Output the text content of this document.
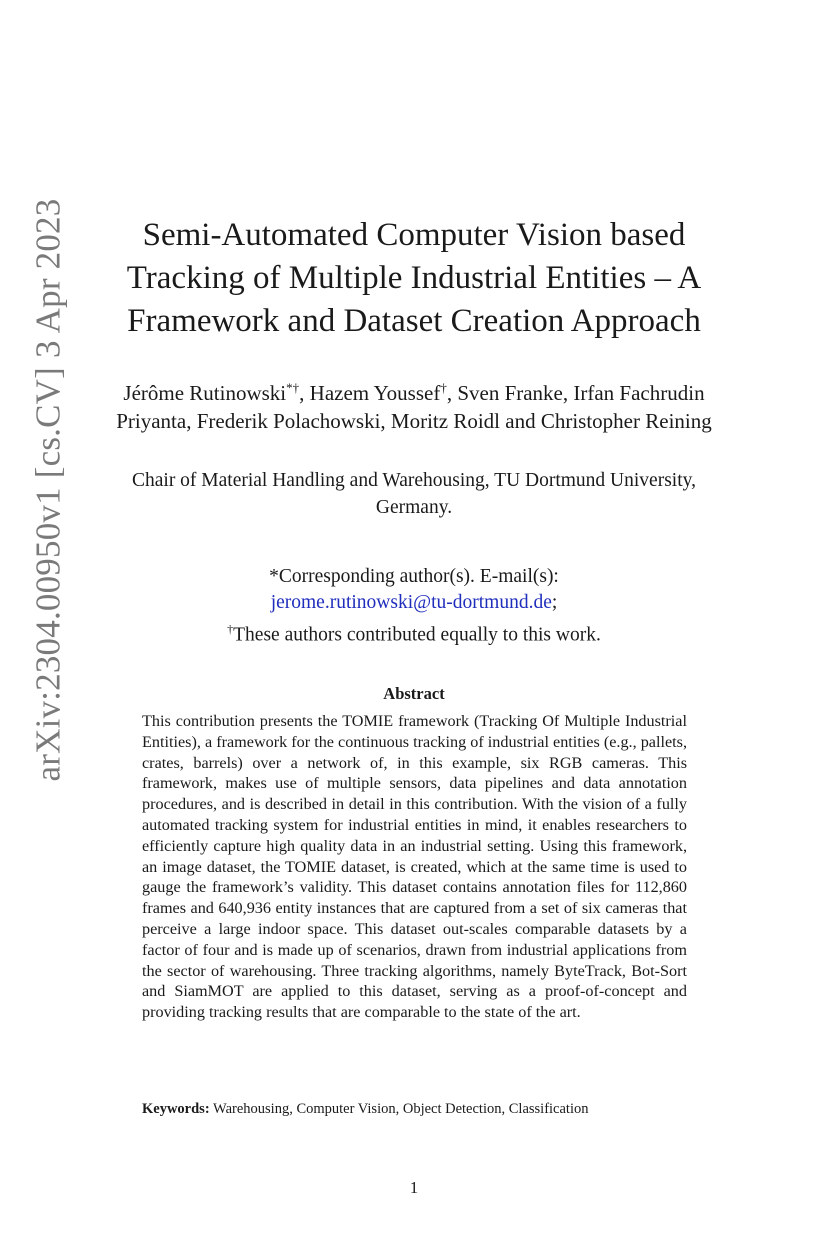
arXiv:2304.00950v1 [cs.CV] 3 Apr 2023	Semi-Automated Computer Vision based Tracking of Multiple Industrial Entities – A Framework and Dataset Creation Approach

Jérôme Rutinowski*†, Hazem Youssef†, Sven Franke, Irfan Fachrudin Priyanta, Frederik Polachowski, Moritz Roidl and Christopher Reining

Chair of Material Handling and Warehousing, TU Dortmund University, Germany.

*Corresponding author(s). E-mail(s):
jerome.rutinowski@tu-dortmund.de;
†These authors contributed equally to this work.

Abstract

This contribution presents the TOMIE framework (Tracking Of Multiple Industrial Entities), a framework for the continuous tracking of industrial entities (e.g., pallets, crates, barrels) over a network of, in this example, six RGB cameras. This framework, makes use of multiple sensors, data pipelines and data annotation procedures, and is described in detail in this contribution. With the vision of a fully automated tracking system for industrial entities in mind, it enables researchers to efficiently capture high quality data in an industrial setting. Using this framework, an image dataset, the TOMIE dataset, is created, which at the same time is used to gauge the framework’s validity. This dataset contains annotation files for 112,860 frames and 640,936 entity instances that are captured from a set of six cameras that perceive a large indoor space. This dataset out-scales comparable datasets by a factor of four and is made up of scenarios, drawn from industrial applications from the sector of warehousing. Three tracking algorithms, namely ByteTrack, Bot-Sort and SiamMOT are applied to this dataset, serving as a proof-of-concept and providing tracking results that are comparable to the state of the art.

Keywords: Warehousing, Computer Vision, Object Detection, Classification

1
